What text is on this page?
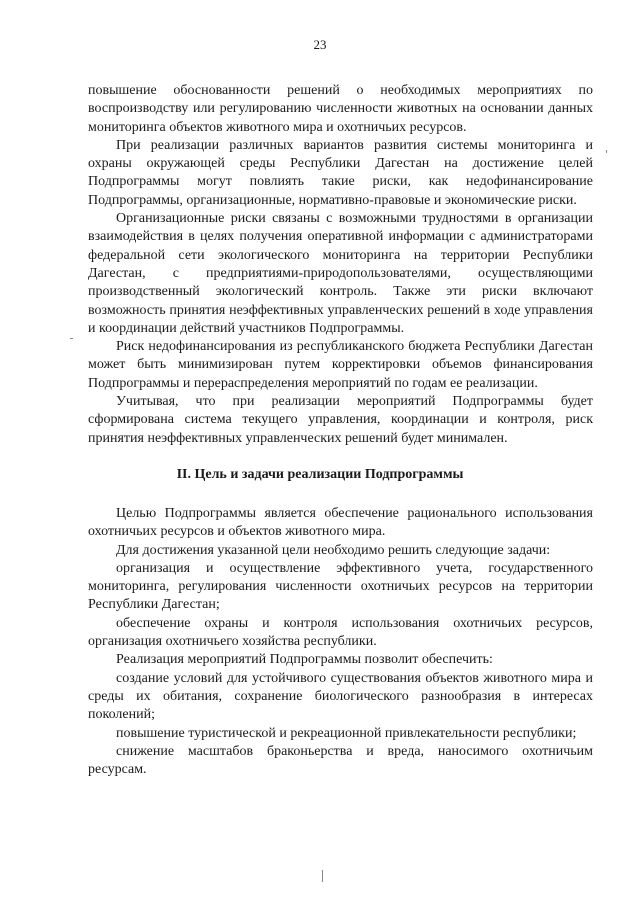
23

повышение обоснованности решений о необходимых мероприятиях по воспроизводству или регулированию численности животных на основании данных мониторинга объектов животного мира и охотничьих ресурсов.

При реализации различных вариантов развития системы мониторинга и охраны окружающей среды Республики Дагестан на достижение целей Подпрограммы могут повлиять такие риски, как недофинансирование Подпрограммы, организационные, нормативно-правовые и экономические риски.

Организационные риски связаны с возможными трудностями в организации взаимодействия в целях получения оперативной информации с администраторами федеральной сети экологического мониторинга на территории Республики Дагестан, с предприятиями-природопользователями, осуществляющими производственный экологический контроль. Также эти риски включают возможность принятия неэффективных управленческих решений в ходе управления и координации действий участников Подпрограммы.

Риск недофинансирования из республиканского бюджета Республики Дагестан может быть минимизирован путем корректировки объемов финансирования Подпрограммы и перераспределения мероприятий по годам ее реализации.

Учитывая, что при реализации мероприятий Подпрограммы будет сформирована система текущего управления, координации и контроля, риск принятия неэффективных управленческих решений будет минимален.

II. Цель и задачи реализации Подпрограммы

Целью Подпрограммы является обеспечение рационального использования охотничьих ресурсов и объектов животного мира.

Для достижения указанной цели необходимо решить следующие задачи:

организация и осуществление эффективного учета, государственного мониторинга, регулирования численности охотничьих ресурсов на территории Республики Дагестан;

обеспечение охраны и контроля использования охотничьих ресурсов, организация охотничьего хозяйства республики.

Реализация мероприятий Подпрограммы позволит обеспечить:

создание условий для устойчивого существования объектов животного мира и среды их обитания, сохранение биологического разнообразия в интересах поколений;

повышение туристической и рекреационной привлекательности республики;

снижение масштабов браконьерства и вреда, наносимого охотничьим ресурсам.
